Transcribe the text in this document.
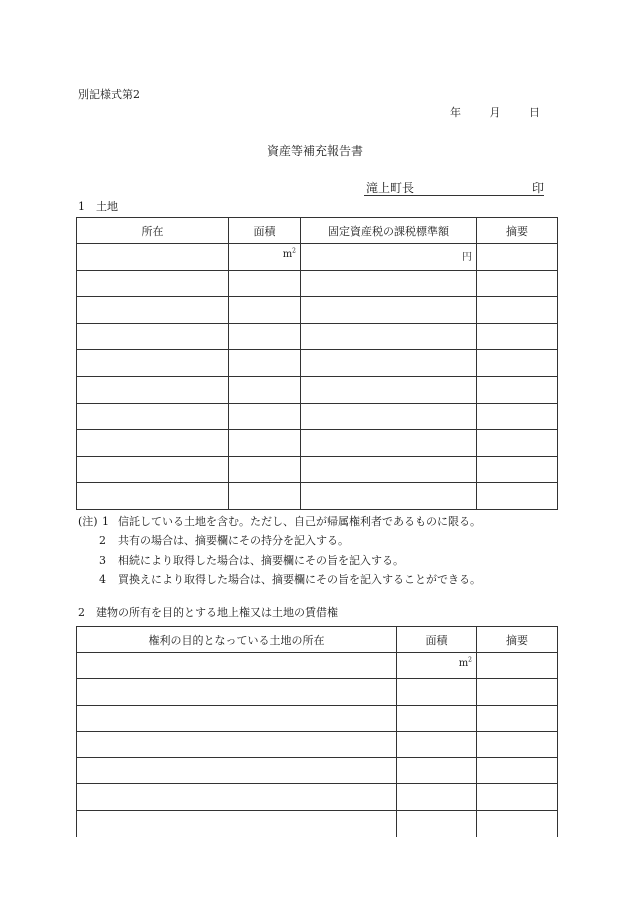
別記様式第2
年	月	日
資産等補充報告書
滝上町長	印
1　土地
所在	面積	固定資産税の課税標準額	摘要
	$m^2$	円	

(注) 1 信託している土地を含む。ただし、自己が帰属権利者であるものに限る。
2 共有の場合は、摘要欄にその持分を記入する。
3 相続により取得した場合は、摘要欄にその旨を記入する。
4 買換えにより取得した場合は、摘要欄にその旨を記入することができる。
2　建物の所有を目的とする地上権又は土地の賃借権
権利の目的となっている土地の所在	面積	摘要
	$m^2$	
